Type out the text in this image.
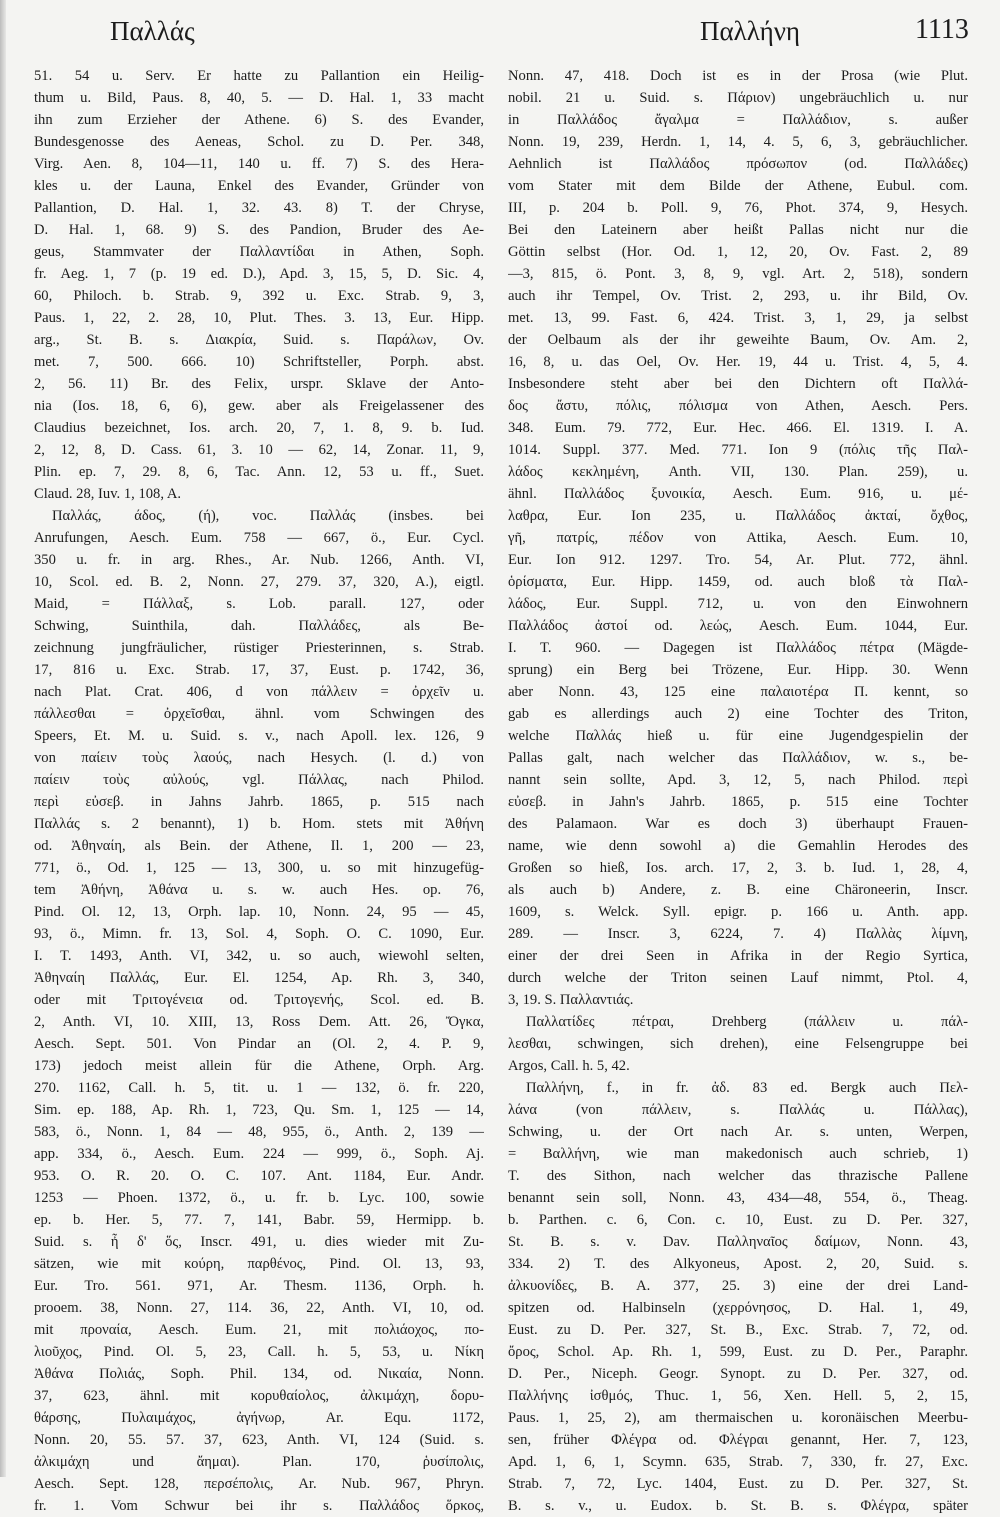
Παλλάς	Παλλήνη	1113
51. 54 u. Serv. Er hatte zu Pallantion ein Heilig-
thum u. Bild, Paus. 8, 40, 5. — D. Hal. 1, 33 macht
ihn zum Erzieher der Athene. 6) S. des Evander,
Bundesgenosse des Aeneas, Schol. zu D. Per. 348,
Virg. Aen. 8, 104—11, 140 u. ff. 7) S. des Hera-
kles u. der Launa, Enkel des Evander, Gründer von
Pallantion, D. Hal. 1, 32. 43. 8) T. der Chryse,
D. Hal. 1, 68. 9) S. des Pandion, Bruder des Ae-
geus, Stammvater der Παλλαντίδαι in Athen, Soph.
fr. Aeg. 1, 7 (p. 19 ed. D.), Apd. 3, 15, 5, D. Sic. 4,
60, Philoch. b. Strab. 9, 392 u. Exc. Strab. 9, 3,
Paus. 1, 22, 2. 28, 10, Plut. Thes. 3. 13, Eur. Hipp.
arg., St. B. s. Διακρία, Suid. s. Παράλων, Ov.
met. 7, 500. 666. 10) Schriftsteller, Porph. abst.
2, 56. 11) Br. des Felix, urspr. Sklave der Anto-
nia (Ios. 18, 6, 6), gew. aber als Freigelassener des
Claudius bezeichnet, Ios. arch. 20, 7, 1. 8, 9. b. Iud.
2, 12, 8, D. Cass. 61, 3. 10 — 62, 14, Zonar. 11, 9,
Plin. ep. 7, 29. 8, 6, Tac. Ann. 12, 53 u. ff., Suet.
Claud. 28, Iuv. 1, 108, A.
Παλλάς, άδος, (ή), voc. Παλλάς (insbes. bei
Anrufungen, Aesch. Eum. 758 — 667, ö., Eur. Cycl.
350 u. fr. in arg. Rhes., Ar. Nub. 1266, Anth. VI,
10, Scol. ed. B. 2, Nonn. 27, 279. 37, 320, A.), eigtl.
Maid, = Πάλλαξ, s. Lob. parall. 127, oder
Schwing, Suinthila, dah. Παλλάδες, als Be-
zeichnung jungfräulicher, rüstiger Priesterinnen, s. Strab.
17, 816 u. Exc. Strab. 17, 37, Eust. p. 1742, 36,
nach Plat. Crat. 406, d von πάλλειν = ὀρχεῖν u.
πάλλεσθαι = ὀρχεῖσθαι, ähnl. vom Schwingen des
Speers, Et. M. u. Suid. s. v., nach Apoll. lex. 126, 9
von παίειν τοὺς λαούς, nach Hesych. (l. d.) von
παίειν τοὺς αὐλούς, vgl. Πάλλας, nach Philod.
περὶ εὐσεβ. in Jahns Jahrb. 1865, p. 515 nach
Παλλάς s. 2 benannt), 1) b. Hom. stets mit Ἀθήνη
od. Ἀθηναίη, als Bein. der Athene, Il. 1, 200 — 23,
771, ö., Od. 1, 125 — 13, 300, u. so mit hinzugefüg-
tem Ἀθήνη, Ἀθάνα u. s. w. auch Hes. op. 76,
Pind. Ol. 12, 13, Orph. lap. 10, Nonn. 24, 95 — 45,
93, ö., Mimn. fr. 13, Sol. 4, Soph. O. C. 1090, Eur.
I. T. 1493, Anth. VI, 342, u. so auch, wiewohl selten,
Ἀθηναίη Παλλάς, Eur. El. 1254, Ap. Rh. 3, 340,
oder mit Τριτογένεια od. Τριτογενής, Scol. ed. B.
2, Anth. VI, 10. XIII, 13, Ross Dem. Att. 26, Ὄγκα,
Aesch. Sept. 501. Von Pindar an (Ol. 2, 4. P. 9,
173) jedoch meist allein für die Athene, Orph. Arg.
270. 1162, Call. h. 5, tit. u. 1 — 132, ö. fr. 220,
Sim. ep. 188, Ap. Rh. 1, 723, Qu. Sm. 1, 125 — 14,
583, ö., Nonn. 1, 84 — 48, 955, ö., Anth. 2, 139 —
app. 334, ö., Aesch. Eum. 224 — 999, ö., Soph. Aj.
953. O. R. 20. O. C. 107. Ant. 1184, Eur. Andr.
1253 — Phoen. 1372, ö., u. fr. b. Lyc. 100, sowie
ep. b. Her. 5, 77. 7, 141, Babr. 59, Hermipp. b.
Suid. s. ἦ δ' ὅς, Inscr. 491, u. dies wieder mit Zu-
sätzen, wie mit κούρη, παρθένος, Pind. Ol. 13, 93,
Eur. Tro. 561. 971, Ar. Thesm. 1136, Orph. h.
prooem. 38, Nonn. 27, 114. 36, 22, Anth. VI, 10, od.
mit προναία, Aesch. Eum. 21, mit πολιάοχος, πο-
λιοῦχος, Pind. Ol. 5, 23, Call. h. 5, 53, u. Νίκη
Ἀθάνα Πολιάς, Soph. Phil. 134, od. Νικαία, Nonn.
37, 623, ähnl. mit κορυθαίολος, ἀλκιμάχη, δορυ-
θάρσης, Πυλαιμάχος, ἀγήνωρ, Ar. Equ. 1172,
Nonn. 20, 55. 57. 37, 623, Anth. VI, 124 (Suid. s.
ἀλκιμάχη und ἄημαι). Plan. 170, ῥυσίπολις,
Aesch. Sept. 128, περσέπολις, Ar. Nub. 967, Phryn.
fr. 1. Vom Schwur bei ihr s. Παλλάδος ὅρκος,
Nonn. 47, 418. Doch ist es in der Prosa (wie Plut.
nobil. 21 u. Suid. s. Πάριον) ungebräuchlich u. nur
in Παλλάδος ἄγαλμα = Παλλάδιον, s. außer
Nonn. 19, 239, Herdn. 1, 14, 4. 5, 6, 3, gebräuchlicher.
Aehnlich ist Παλλάδος πρόσωπον (od. Παλλάδες)
vom Stater mit dem Bilde der Athene, Eubul. com.
III, p. 204 b. Poll. 9, 76, Phot. 374, 9, Hesych.
Bei den Lateinern aber heißt Pallas nicht nur die
Göttin selbst (Hor. Od. 1, 12, 20, Ov. Fast. 2, 89
—3, 815, ö. Pont. 3, 8, 9, vgl. Art. 2, 518), sondern
auch ihr Tempel, Ov. Trist. 2, 293, u. ihr Bild, Ov.
met. 13, 99. Fast. 6, 424. Trist. 3, 1, 29, ja selbst
der Oelbaum als der ihr geweihte Baum, Ov. Am. 2,
16, 8, u. das Oel, Ov. Her. 19, 44 u. Trist. 4, 5, 4.
Insbesondere steht aber bei den Dichtern oft Παλλά-
δος ἄστυ, πόλις, πόλισμα von Athen, Aesch. Pers.
348. Eum. 79. 772, Eur. Hec. 466. El. 1319. I. A.
1014. Suppl. 377. Med. 771. Ion 9 (πόλις τῆς Παλ-
λάδος κεκλημένη, Anth. VII, 130. Plan. 259), u.
ähnl. Παλλάδος ξυνοικία, Aesch. Eum. 916, u. μέ-
λαθρα, Eur. Ion 235, u. Παλλάδος ἀκταί, ὄχθος,
γῆ, πατρίς, πέδον von Attika, Aesch. Eum. 10,
Eur. Ion 912. 1297. Tro. 54, Ar. Plut. 772, ähnl.
ὁρίσματα, Eur. Hipp. 1459, od. auch bloß τὰ Παλ-
λάδος, Eur. Suppl. 712, u. von den Einwohnern
Παλλάδος ἀστοί od. λεώς, Aesch. Eum. 1044, Eur.
I. T. 960. — Dagegen ist Παλλάδος πέτρα (Mägde-
sprung) ein Berg bei Trözene, Eur. Hipp. 30. Wenn
aber Nonn. 43, 125 eine παλαιοτέρα Π. kennt, so
gab es allerdings auch 2) eine Tochter des Triton,
welche Παλλάς hieß u. für eine Jugendgespielin der
Pallas galt, nach welcher das Παλλάδιον, w. s., be-
nannt sein sollte, Apd. 3, 12, 5, nach Philod. περὶ
εὐσεβ. in Jahn's Jahrb. 1865, p. 515 eine Tochter
des Palamaon. War es doch 3) überhaupt Frauen-
name, wie denn sowohl a) die Gemahlin Herodes des
Großen so hieß, Ios. arch. 17, 2, 3. b. Iud. 1, 28, 4,
als auch b) Andere, z. B. eine Chäroneerin, Inscr.
1609, s. Welck. Syll. epigr. p. 166 u. Anth. app.
289. — Inscr. 3, 6224, 7. 4) Παλλὰς λίμνη,
einer der drei Seen in Afrika in der Regio Syrtica,
durch welche der Triton seinen Lauf nimmt, Ptol. 4,
3, 19. S. Παλλαντιάς.
Παλλατίδες πέτραι, Drehberg (πάλλειν u. πάλ-
λεσθαι, schwingen, sich drehen), eine Felsengruppe bei
Argos, Call. h. 5, 42.
Παλλήνη, f., in fr. ἀδ. 83 ed. Bergk auch Πελ-
λάνα (von πάλλειν, s. Παλλάς u. Πάλλας),
Schwing, u. der Ort nach Ar. s. unten, Werpen,
= Βαλλήνη, wie man makedonisch auch schrieb, 1)
T. des Sithon, nach welcher das thrazische Pallene
benannt sein soll, Nonn. 43, 434—48, 554, ö., Theag.
b. Parthen. c. 6, Con. c. 10, Eust. zu D. Per. 327,
St. B. s. v. Dav. Παλληναῖος δαίμων, Nonn. 43,
334. 2) T. des Alkyoneus, Apost. 2, 20, Suid. s.
ἀλκυονίδες, B. A. 377, 25. 3) eine der drei Land-
spitzen od. Halbinseln (χερρόνησος, D. Hal. 1, 49,
Eust. zu D. Per. 327, St. B., Exc. Strab. 7, 72, od.
ὄρος, Schol. Ap. Rh. 1, 599, Eust. zu D. Per., Paraphr.
D. Per., Niceph. Geogr. Synopt. zu D. Per. 327, od.
Παλλήνης ἰσθμός, Thuc. 1, 56, Xen. Hell. 5, 2, 15,
Paus. 1, 25, 2), am thermaischen u. koronäischen Meerbu-
sen, früher Φλέγρα od. Φλέγραι genannt, Her. 7, 123,
Apd. 1, 6, 1, Scymn. 635, Strab. 7, 330, fr. 27, Exc.
Strab. 7, 72, Lyc. 1404, Eust. zu D. Per. 327, St.
B. s. v., u. Eudox. b. St. B. s. Φλέγρα, später
